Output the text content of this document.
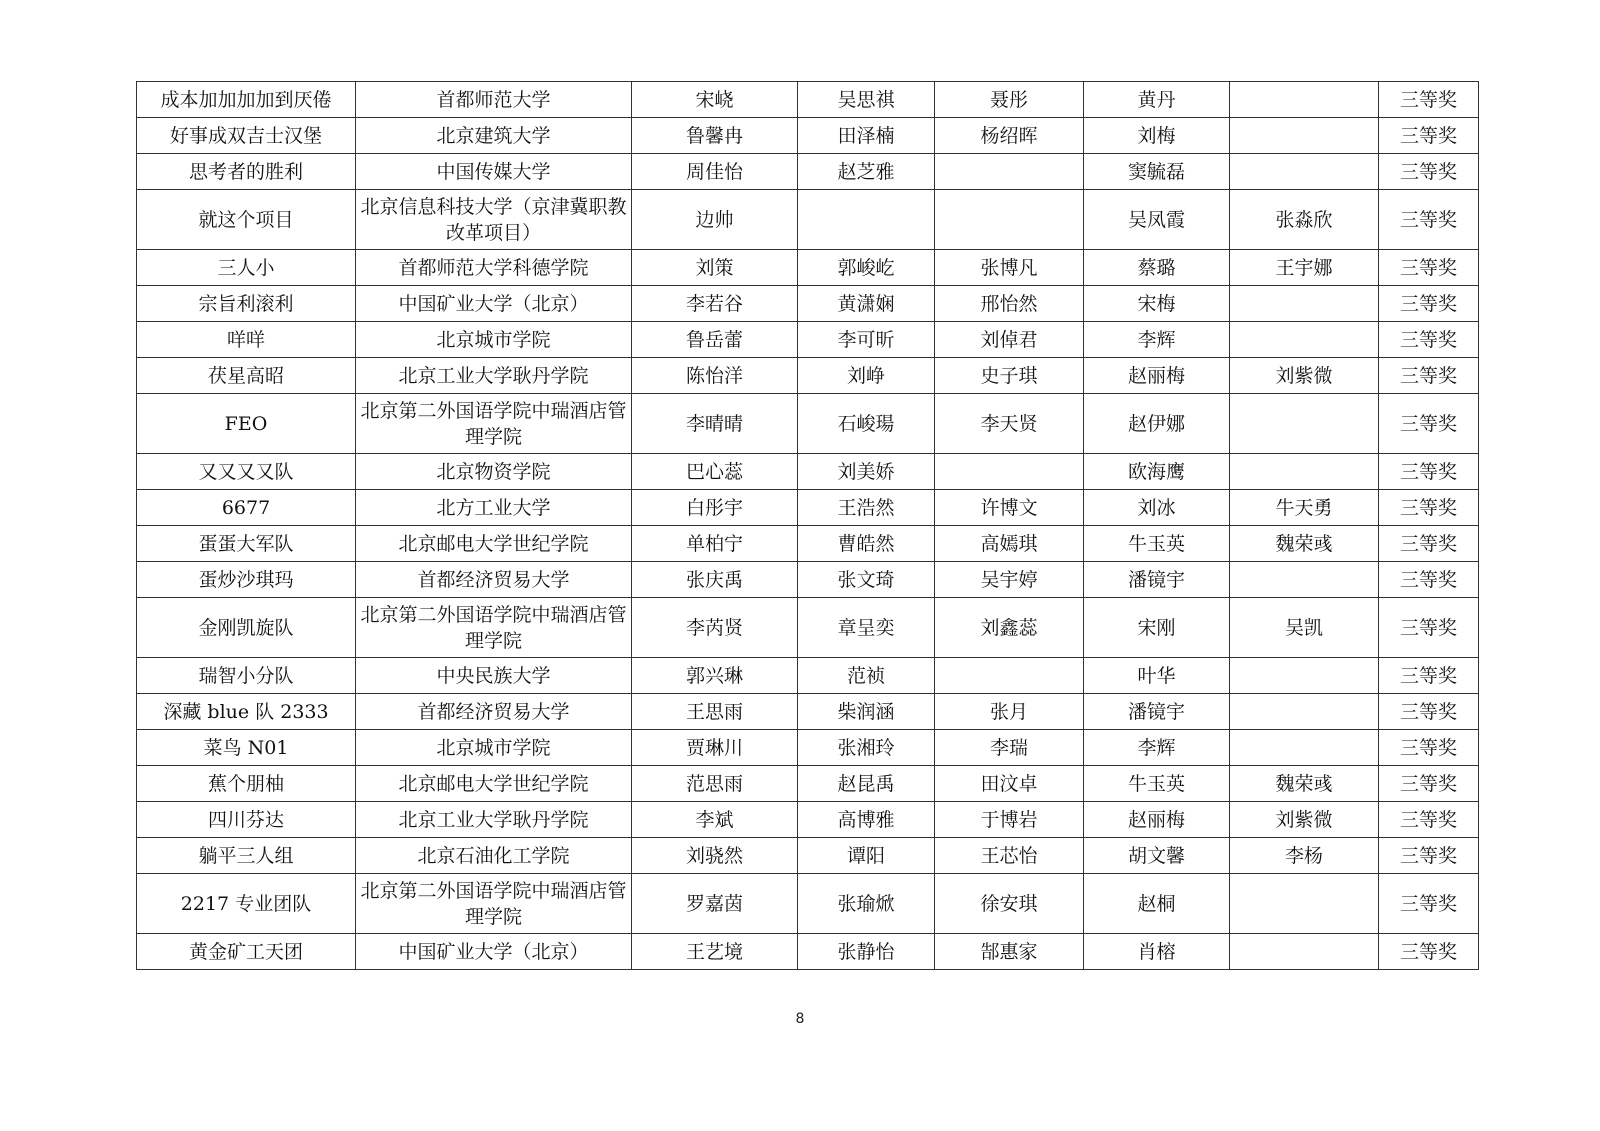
成本加加加加到厌倦	首都师范大学	宋峣	吴思祺	聂彤	黄丹		三等奖
好事成双吉士汉堡	北京建筑大学	鲁馨冉	田泽楠	杨绍晖	刘梅		三等奖
思考者的胜利	中国传媒大学	周佳怡	赵芝雅		窦毓磊		三等奖
就这个项目	北京信息科技大学（京津冀职教改革项目）	边帅			吴凤霞	张淼欣	三等奖
三人小	首都师范大学科德学院	刘策	郭峻屹	张博凡	蔡璐	王宇娜	三等奖
宗旨利滚利	中国矿业大学（北京）	李若谷	黄潇娴	邢怡然	宋梅		三等奖
咩咩	北京城市学院	鲁岳蕾	李可昕	刘倬君	李辉		三等奖
茯星高昭	北京工业大学耿丹学院	陈怡洋	刘峥	史子琪	赵丽梅	刘紫微	三等奖
FEO	北京第二外国语学院中瑞酒店管理学院	李晴晴	石峻瑒	李天贤	赵伊娜		三等奖
又又又又队	北京物资学院	巴心蕊	刘美娇		欧海鹰		三等奖
6677	北方工业大学	白彤宇	王浩然	许博文	刘冰	牛天勇	三等奖
蛋蛋大军队	北京邮电大学世纪学院	单柏宁	曹皓然	高嫣琪	牛玉英	魏荣彧	三等奖
蛋炒沙琪玛	首都经济贸易大学	张庆禹	张文琦	吴宇婷	潘镜宇		三等奖
金刚凯旋队	北京第二外国语学院中瑞酒店管理学院	李芮贤	章呈奕	刘鑫蕊	宋刚	吴凯	三等奖
瑞智小分队	中央民族大学	郭兴琳	范祯		叶华		三等奖
深藏 blue 队 2333	首都经济贸易大学	王思雨	柴润涵	张月	潘镜宇		三等奖
菜鸟 N01	北京城市学院	贾琳川	张湘玲	李瑞	李辉		三等奖
蕉个朋柚	北京邮电大学世纪学院	范思雨	赵昆禹	田汶卓	牛玉英	魏荣彧	三等奖
四川芬达	北京工业大学耿丹学院	李斌	高博雅	于博岩	赵丽梅	刘紫微	三等奖
躺平三人组	北京石油化工学院	刘骁然	谭阳	王芯怡	胡文馨	李杨	三等奖
2217 专业团队	北京第二外国语学院中瑞酒店管理学院	罗嘉茵	张瑜焮	徐安琪	赵桐		三等奖
黄金矿工天团	中国矿业大学（北京）	王艺境	张静怡	郜惠家	肖榕		三等奖
8
